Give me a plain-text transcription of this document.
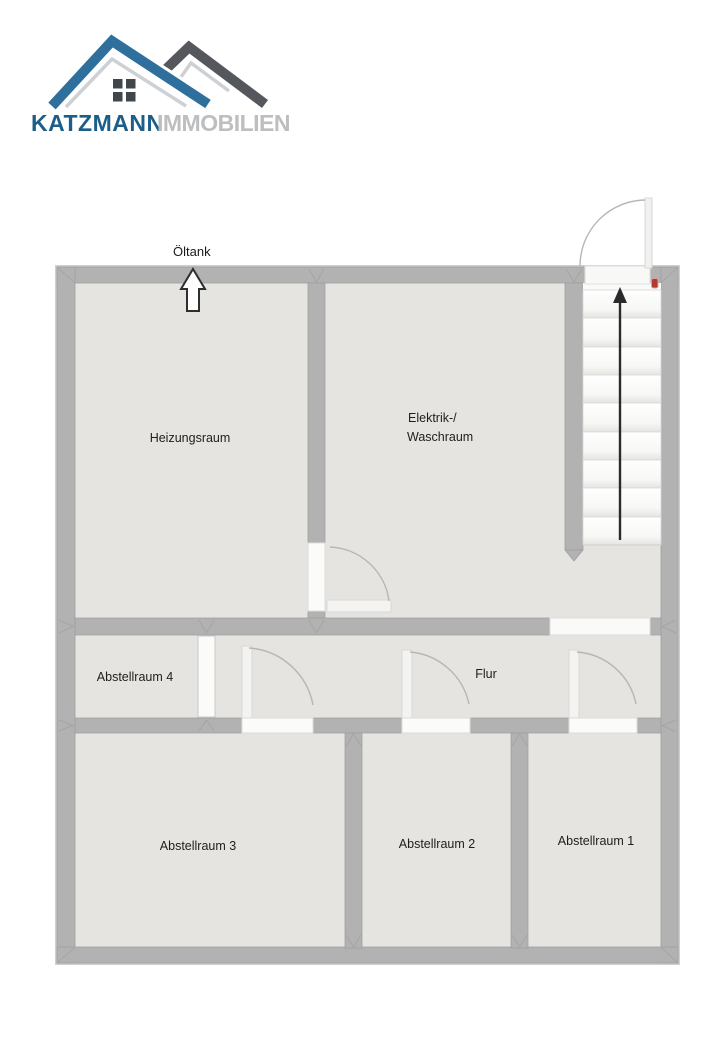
KATZMANN
IMMOBILIEN
Öltank
Heizungsraum
Elektrik-/
Waschraum
Abstellraum 4	Flur
Abstellraum 3	Abstellraum 2	Abstellraum 1
